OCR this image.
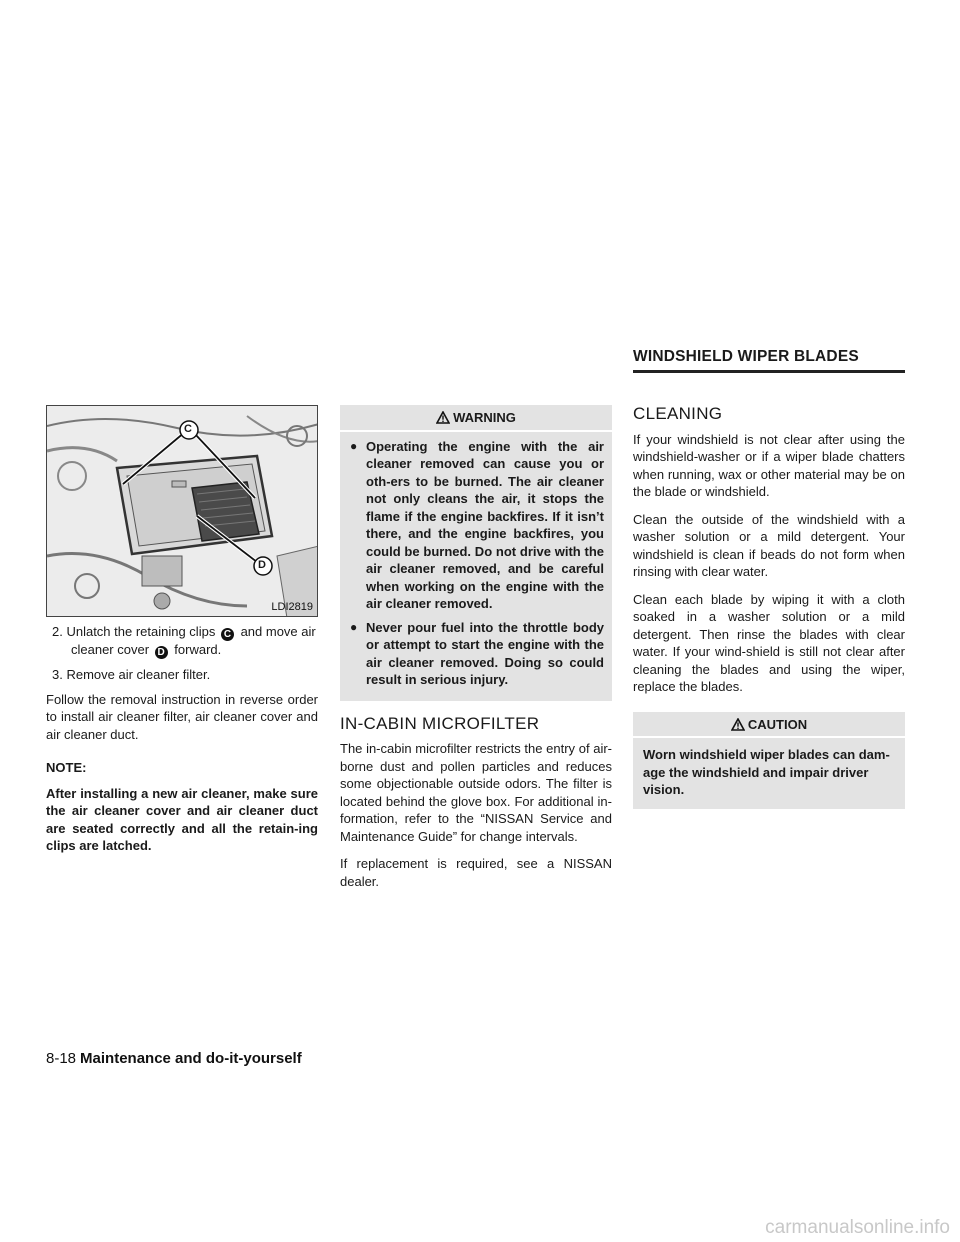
WINDSHIELD WIPER BLADES
C
D
LDI2819

2. Unlatch the retaining clips C and move air cleaner cover D forward.

3. Remove air cleaner filter.

Follow the removal instruction in reverse order to install air cleaner filter, air cleaner cover and air cleaner duct.

NOTE:

After installing a new air cleaner, make sure the air cleaner cover and air cleaner duct are seated correctly and all the retain-ing clips are latched.

WARNING
● Operating the engine with the air cleaner removed can cause you or oth-ers to be burned. The air cleaner not only cleans the air, it stops the flame if the engine backfires. If it isn’t there, and the engine backfires, you could be burned. Do not drive with the air cleaner removed, and be careful when working on the engine with the air cleaner removed.
● Never pour fuel into the throttle body or attempt to start the engine with the air cleaner removed. Doing so could result in serious injury.
IN-CABIN MICROFILTER

The in-cabin microfilter restricts the entry of air-borne dust and pollen particles and reduces some objectionable outside odors. The filter is located behind the glove box. For additional in-formation, refer to the “NISSAN Service and Maintenance Guide” for change intervals.

If replacement is required, see a NISSAN dealer.

CLEANING

If your windshield is not clear after using the windshield-washer or if a wiper blade chatters when running, wax or other material may be on the blade or windshield.

Clean the outside of the windshield with a washer solution or a mild detergent. Your windshield is clean if beads do not form when rinsing with clear water.

Clean each blade by wiping it with a cloth soaked in a washer solution or a mild detergent. Then rinse the blades with clear water. If your wind-shield is still not clear after cleaning the blades and using the wiper, replace the blades.

CAUTION

Worn windshield wiper blades can dam-age the windshield and impair driver vision.

8-18 Maintenance and do-it-yourself
carmanualsonline.info
